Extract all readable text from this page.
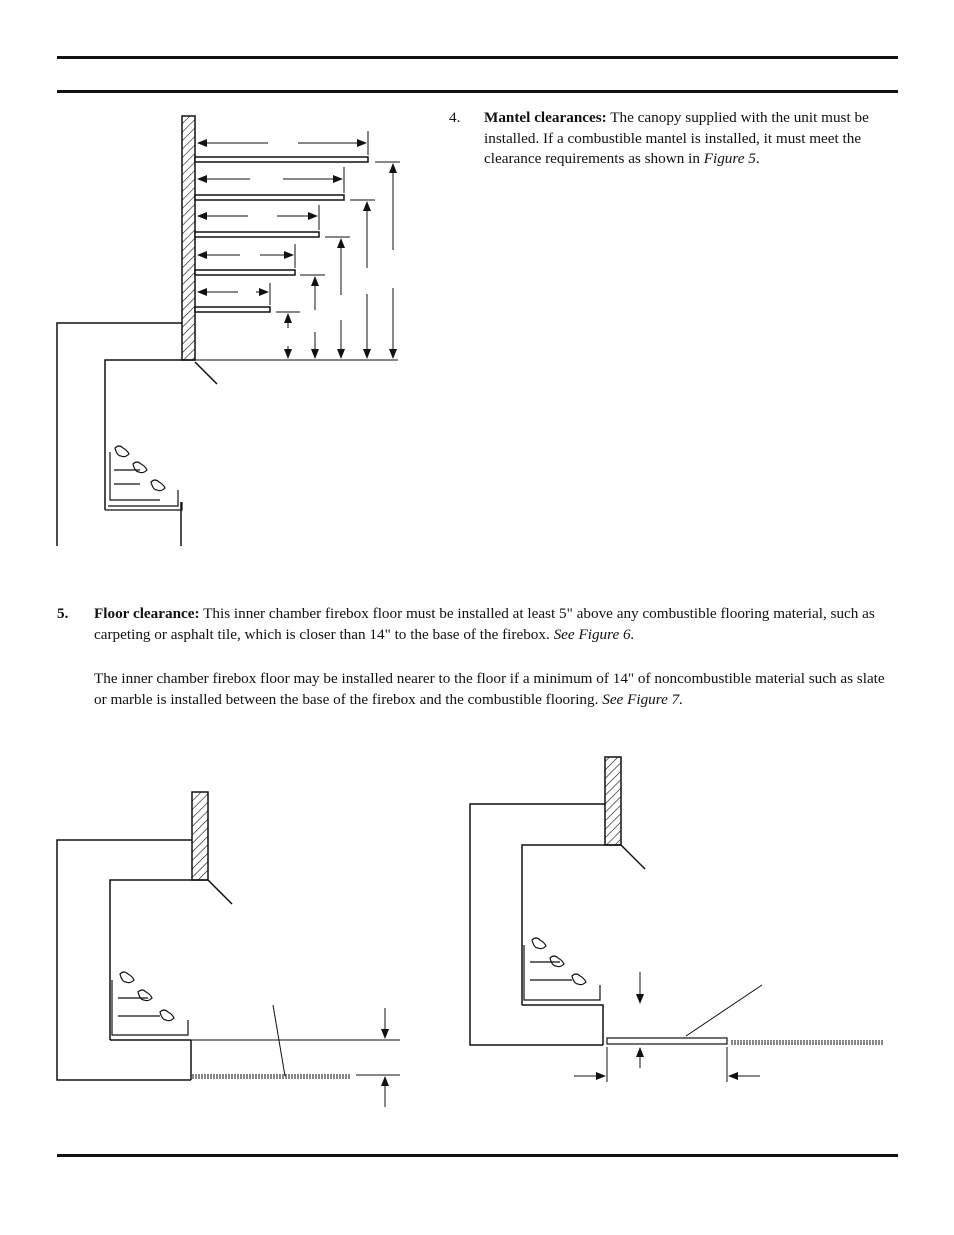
4. Mantel clearances: The canopy supplied with the unit must be installed. If a combustible mantel is installed, it must meet the clearance requirements as shown in Figure 5.
5. Floor clearance: This inner chamber firebox floor must be installed at least 5" above any combustible flooring material, such as carpeting or asphalt tile, which is closer than 14" to the base of the firebox. See Figure 6.

The inner chamber firebox floor may be installed nearer to the floor if a minimum of 14" of noncombustible material such as slate or marble is installed between the base of the firebox and the combustible flooring. See Figure 7.
